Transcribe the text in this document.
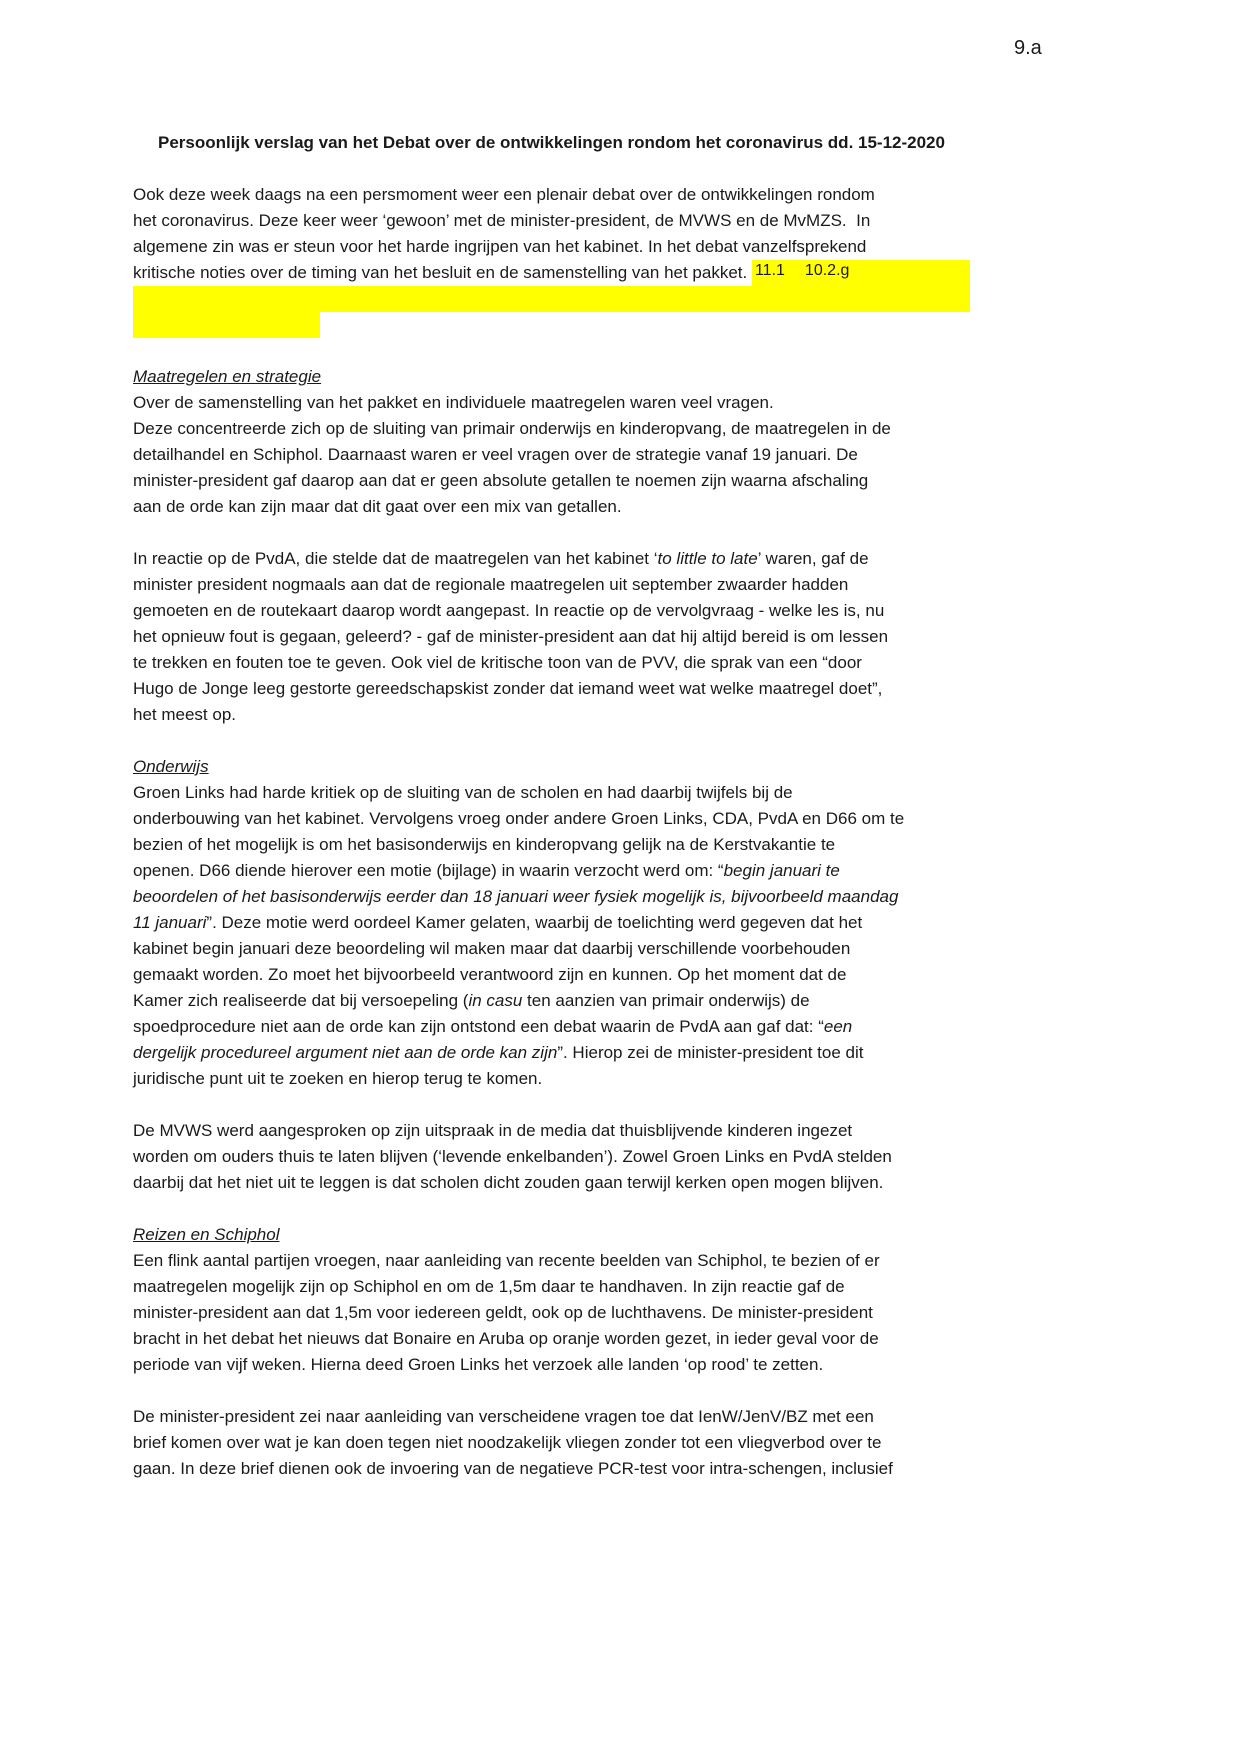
9.a
Persoonlijk verslag van het Debat over de ontwikkelingen rondom het coronavirus dd. 15-12-2020
Ook deze week daags na een persmoment weer een plenair debat over de ontwikkelingen rondom
het coronavirus. Deze keer weer ‘gewoon’ met de minister-president, de MVWS en de MvMZS.  In
algemene zin was er steun voor het harde ingrijpen van het kabinet. In het debat vanzelfsprekend
kritische noties over de timing van het besluit en de samenstelling van het pakket. 11.1 10.2.g
Maatregelen en strategie
Over de samenstelling van het pakket en individuele maatregelen waren veel vragen.
Deze concentreerde zich op de sluiting van primair onderwijs en kinderopvang, de maatregelen in de
detailhandel en Schiphol. Daarnaast waren er veel vragen over de strategie vanaf 19 januari. De
minister-president gaf daarop aan dat er geen absolute getallen te noemen zijn waarna afschaling
aan de orde kan zijn maar dat dit gaat over een mix van getallen.
In reactie op de PvdA, die stelde dat de maatregelen van het kabinet ‘ to little to late ’ waren, gaf de
minister president nogmaals aan dat de regionale maatregelen uit september zwaarder hadden
gemoeten en de routekaart daarop wordt aangepast. In reactie op de vervolgvraag - welke les is, nu
het opnieuw fout is gegaan, geleerd? - gaf de minister-president aan dat hij altijd bereid is om lessen
te trekken en fouten toe te geven. Ook viel de kritische toon van de PVV, die sprak van een “door
Hugo de Jonge leeg gestorte gereedschapskist zonder dat iemand weet wat welke maatregel doet”,
het meest op.
Onderwijs
Groen Links had harde kritiek op de sluiting van de scholen en had daarbij twijfels bij de
onderbouwing van het kabinet. Vervolgens vroeg onder andere Groen Links, CDA, PvdA en D66 om te
bezien of het mogelijk is om het basisonderwijs en kinderopvang gelijk na de Kerstvakantie te
openen. D66 diende hierover een motie (bijlage) in waarin verzocht werd om: “ begin januari te
beoordelen of het basisonderwijs eerder dan 18 januari weer fysiek mogelijk is, bijvoorbeeld maandag
11 januari ”. Deze motie werd oordeel Kamer gelaten, waarbij de toelichting werd gegeven dat het
kabinet begin januari deze beoordeling wil maken maar dat daarbij verschillende voorbehouden
gemaakt worden. Zo moet het bijvoorbeeld verantwoord zijn en kunnen. Op het moment dat de
Kamer zich realiseerde dat bij versoepeling ( in casu ten aanzien van primair onderwijs) de
spoedprocedure niet aan de orde kan zijn ontstond een debat waarin de PvdA aan gaf dat: “ een
dergelijk procedureel argument niet aan de orde kan zijn ”. Hierop zei de minister-president toe dit
juridische punt uit te zoeken en hierop terug te komen.
De MVWS werd aangesproken op zijn uitspraak in de media dat thuisblijvende kinderen ingezet
worden om ouders thuis te laten blijven (‘levende enkelbanden’). Zowel Groen Links en PvdA stelden
daarbij dat het niet uit te leggen is dat scholen dicht zouden gaan terwijl kerken open mogen blijven.
Reizen en Schiphol
Een flink aantal partijen vroegen, naar aanleiding van recente beelden van Schiphol, te bezien of er
maatregelen mogelijk zijn op Schiphol en om de 1,5m daar te handhaven. In zijn reactie gaf de
minister-president aan dat 1,5m voor iedereen geldt, ook op de luchthavens. De minister-president
bracht in het debat het nieuws dat Bonaire en Aruba op oranje worden gezet, in ieder geval voor de
periode van vijf weken. Hierna deed Groen Links het verzoek alle landen ‘op rood’ te zetten.
De minister-president zei naar aanleiding van verscheidene vragen toe dat IenW/JenV/BZ met een
brief komen over wat je kan doen tegen niet noodzakelijk vliegen zonder tot een vliegverbod over te
gaan. In deze brief dienen ook de invoering van de negatieve PCR-test voor intra-schengen, inclusief
